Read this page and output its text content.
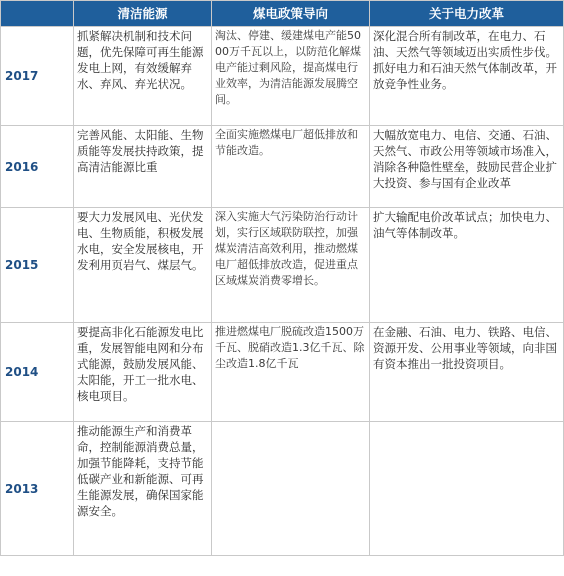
	清洁能源	煤电政策导向	关于电力改革
2017	抓紧解决机制和技术问题，优先保障可再生能源发电上网，有效缓解弃水、弃风、弃光状况。	淘汰、停建、缓建煤电产能5000万千瓦以上，以防范化解煤电产能过剩风险，提高煤电行业效率，为清洁能源发展腾空间。	深化混合所有制改革，在电力、石油、天然气等领域迈出实质性步伐。抓好电力和石油天然气体制改革，开放竞争性业务。
2016	完善风能、太阳能、生物质能等发展扶持政策，提高清洁能源比重	全面实施燃煤电厂超低排放和节能改造。	大幅放宽电力、电信、交通、石油、天然气、市政公用等领域市场准入，消除各种隐性壁垒，鼓励民营企业扩大投资、参与国有企业改革
2015	要大力发展风电、光伏发电、生物质能，积极发展水电，安全发展核电，开发利用页岩气、煤层气。	深入实施大气污染防治行动计划，实行区域联防联控，加强煤炭清洁高效利用，推动燃煤电厂超低排放改造，促进重点区域煤炭消费零增长。	扩大输配电价改革试点；加快电力、油气等体制改革。
2014	要提高非化石能源发电比重，发展智能电网和分布式能源，鼓励发展风能、太阳能，开工一批水电、核电项目。	推进燃煤电厂脱硫改造1500万千瓦、脱硝改造1.3亿千瓦、除尘改造1.8亿千瓦	在金融、石油、电力、铁路、电信、资源开发、公用事业等领域，向非国有资本推出一批投资项目。
2013	推动能源生产和消费革命，控制能源消费总量，加强节能降耗，支持节能低碳产业和新能源、可再生能源发展，确保国家能源安全。		
